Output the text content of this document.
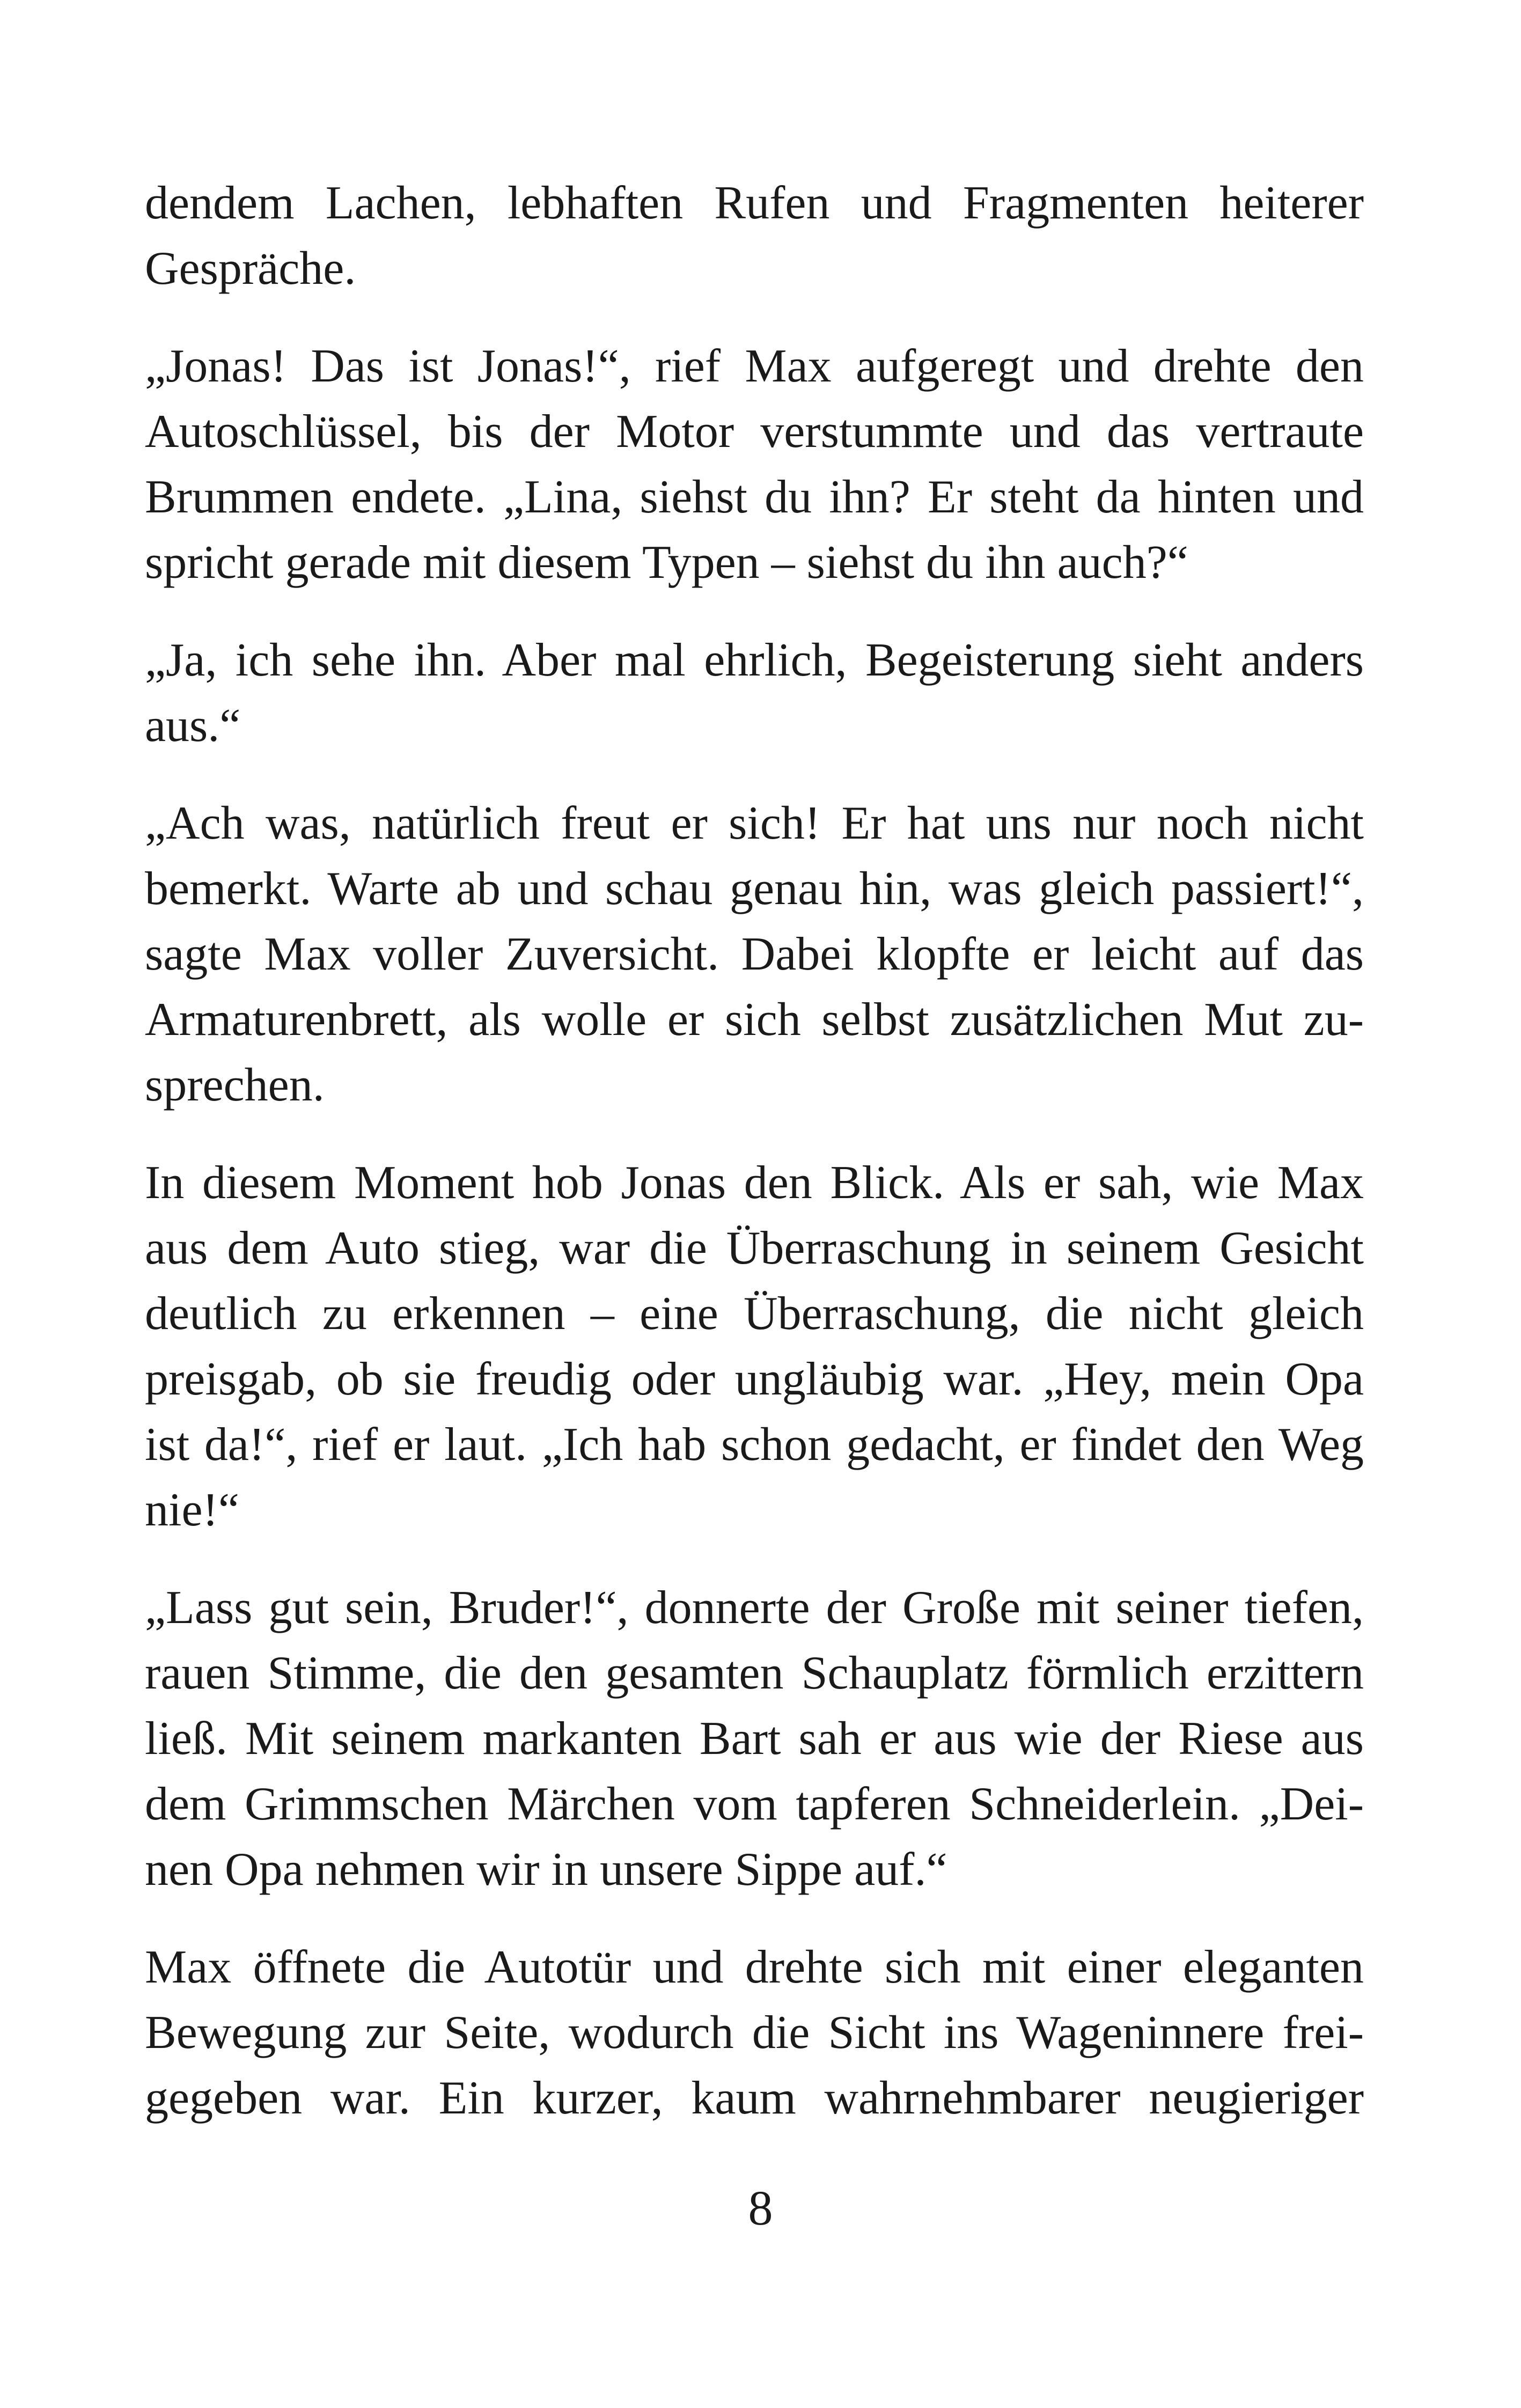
dendem Lachen, lebhaften Rufen und Fragmenten heiterer
Gespräche.
„Jonas! Das ist Jonas!“, rief Max aufgeregt und drehte den
Autoschlüssel, bis der Motor verstummte und das vertraute
Brummen endete. „Lina, siehst du ihn? Er steht da hinten und
spricht gerade mit diesem Typen – siehst du ihn auch?“
„Ja, ich sehe ihn. Aber mal ehrlich, Begeisterung sieht anders
aus.“
„Ach was, natürlich freut er sich! Er hat uns nur noch nicht
bemerkt. Warte ab und schau genau hin, was gleich passiert!“,
sagte Max voller Zuversicht. Dabei klopfte er leicht auf das
Armaturenbrett, als wolle er sich selbst zusätzlichen Mut zu-
sprechen.
In diesem Moment hob Jonas den Blick. Als er sah, wie Max
aus dem Auto stieg, war die Überraschung in seinem Gesicht
deutlich zu erkennen – eine Überraschung, die nicht gleich
preisgab, ob sie freudig oder ungläubig war. „Hey, mein Opa
ist da!“, rief er laut. „Ich hab schon gedacht, er findet den Weg
nie!“
„Lass gut sein, Bruder!“, donnerte der Große mit seiner tiefen,
rauen Stimme, die den gesamten Schauplatz förmlich erzittern
ließ. Mit seinem markanten Bart sah er aus wie der Riese aus
dem Grimmschen Märchen vom tapferen Schneiderlein. „Dei-
nen Opa nehmen wir in unsere Sippe auf.“
Max öffnete die Autotür und drehte sich mit einer eleganten
Bewegung zur Seite, wodurch die Sicht ins Wageninnere frei-
gegeben war. Ein kurzer, kaum wahrnehmbarer neugieriger
8
